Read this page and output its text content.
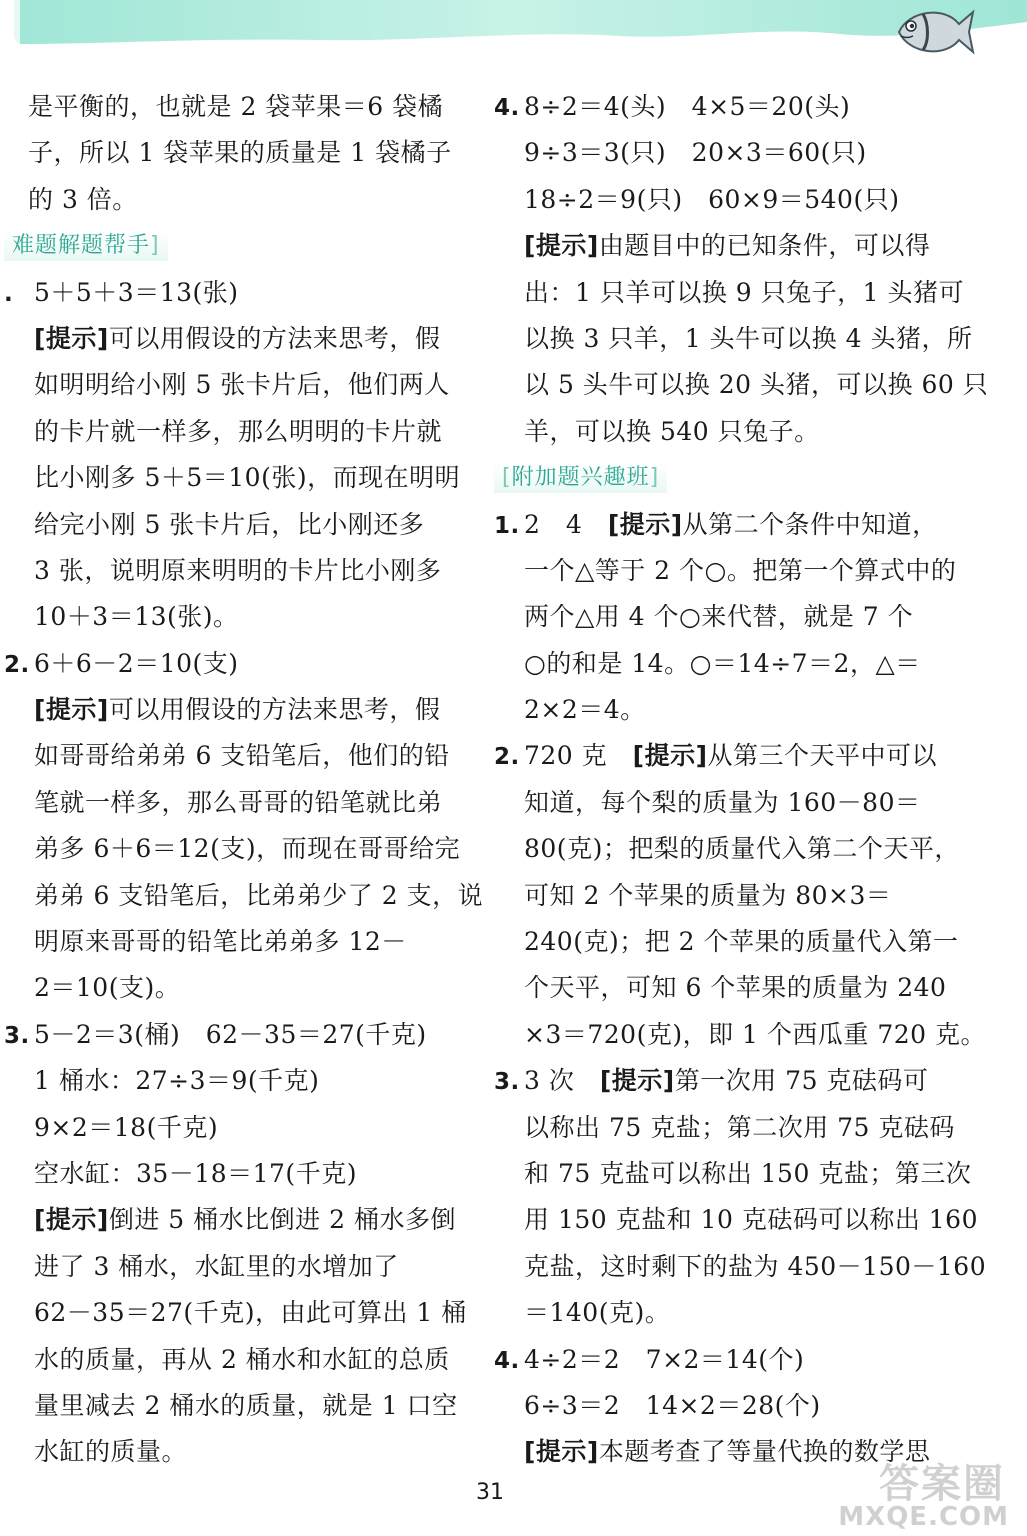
是平衡的，也就是 2 袋苹果＝6 袋橘
子，所以 1 袋苹果的质量是 1 袋橘子
的 3 倍。
难题解题帮手]
. 5＋5＋3＝13(张)
[提示]可以用假设的方法来思考，假
如明明给小刚 5 张卡片后，他们两人
的卡片就一样多，那么明明的卡片就
比小刚多 5＋5＝10(张)，而现在明明
给完小刚 5 张卡片后，比小刚还多
3 张，说明原来明明的卡片比小刚多
10＋3＝13(张)。
2. 6＋6－2＝10(支)
[提示]可以用假设的方法来思考，假
如哥哥给弟弟 6 支铅笔后，他们的铅
笔就一样多，那么哥哥的铅笔就比弟
弟多 6＋6＝12(支)，而现在哥哥给完
弟弟 6 支铅笔后，比弟弟少了 2 支，说
明原来哥哥的铅笔比弟弟多 12－
2＝10(支)。
3. 5－2＝3(桶)　62－35＝27(千克)
1 桶水：27÷3＝9(千克)
9×2＝18(千克)
空水缸：35－18＝17(千克)
[提示]倒进 5 桶水比倒进 2 桶水多倒
进了 3 桶水，水缸里的水增加了
62－35＝27(千克)，由此可算出 1 桶
水的质量，再从 2 桶水和水缸的总质
量里减去 2 桶水的质量，就是 1 口空
水缸的质量。
4. 8÷2＝4(头)　4×5＝20(头)
9÷3＝3(只)　20×3＝60(只)
18÷2＝9(只)　60×9＝540(只)
[提示]由题目中的已知条件，可以得
出：1 只羊可以换 9 只兔子，1 头猪可
以换 3 只羊，1 头牛可以换 4 头猪，所
以 5 头牛可以换 20 头猪，可以换 60 只
羊，可以换 540 只兔子。
[附加题兴趣班]
1. 2　4　[提示]从第二个条件中知道，
一个△等于 2 个○。把第一个算式中的
两个△用 4 个○来代替，就是 7 个
○的和是 14。○＝14÷7＝2，△＝
2×2＝4。
2. 720 克　[提示]从第三个天平中可以
知道，每个梨的质量为 160－80＝
80(克)；把梨的质量代入第二个天平，
可知 2 个苹果的质量为 80×3＝
240(克)；把 2 个苹果的质量代入第一
个天平，可知 6 个苹果的质量为 240
×3＝720(克)，即 1 个西瓜重 720 克。
3. 3 次　[提示]第一次用 75 克砝码可
以称出 75 克盐；第二次用 75 克砝码
和 75 克盐可以称出 150 克盐；第三次
用 150 克盐和 10 克砝码可以称出 160
克盐，这时剩下的盐为 450－150－160
＝140(克)。
4. 4÷2＝2　7×2＝14(个)
6÷3＝2　14×2＝28(个)
[提示]本题考查了等量代换的数学思
31	答案圈
MXQE.COM
